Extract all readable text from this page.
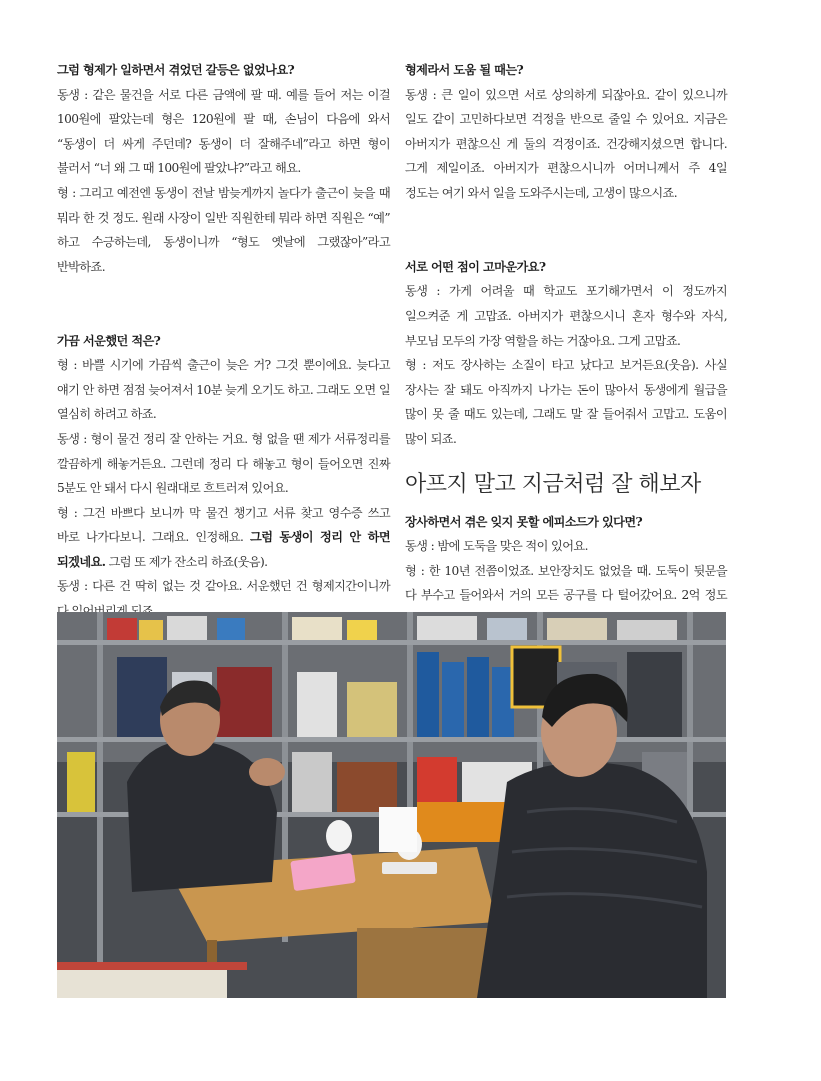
그럼 형제가 일하면서 겪었던 갈등은 없었나요?

동생 : 같은 물건을 서로 다른 금액에 팔 때. 예를 들어 저는 이걸 100원에 팔았는데 형은 120원에 팔 때, 손님이 다음에 와서 “동생이 더 싸게 주던데? 동생이 더 잘해주네”라고 하면 형이 불러서 “너 왜 그 때 100원에 팔았냐?”라고 해요.

형 : 그리고 예전엔 동생이 전날 밤늦게까지 놀다가 출근이 늦을 때 뭐라 한 것 정도. 원래 사장이 일반 직원한테 뭐라 하면 직원은 “예” 하고 수긍하는데, 동생이니까 “형도 옛날에 그랬잖아”라고 반박하죠.

가끔 서운했던 적은?

형 : 바쁠 시기에 가끔씩 출근이 늦은 거? 그것 뿐이에요. 늦다고 얘기 안 하면 점점 늦어져서 10분 늦게 오기도 하고. 그래도 오면 일 열심히 하려고 하죠.

동생 : 형이 물건 정리 잘 안하는 거요. 형 없을 땐 제가 서류정리를 깔끔하게 해놓거든요. 그런데 정리 다 해놓고 형이 들어오면 진짜 5분도 안 돼서 다시 원래대로 흐트러져 있어요.

형 : 그건 바쁘다 보니까 막 물건 챙기고 서류 찾고 영수증 쓰고 바로 나가다보니. 그래요. 인정해요. 그럼 동생이 정리 안 하면 되겠네요. 그럼 또 제가 잔소리 하죠(웃음).

동생 : 다른 건 딱히 없는 것 같아요. 서운했던 건 형제지간이니까

형제라서 도움 될 때는?

동생 : 큰 일이 있으면 서로 상의하게 되잖아요. 같이 있으니까 일도 같이 고민하다보면 걱정을 반으로 줄일 수 있어요. 지금은 아버지가 편찮으신 게 둘의 걱정이죠. 건강해지셨으면 합니다. 그게 제일이죠. 아버지가 편찮으시니까 어머니께서 주 4일 정도는 여기 와서 일을 도와주시는데, 고생이 많으시죠.

서로 어떤 점이 고마운가요?

동생 : 가게 어려울 때 학교도 포기해가면서 이 정도까지 일으켜준 게 고맙죠. 아버지가 편찮으시니 혼자 형수와 자식, 부모님 모두의 가장 역할을 하는 거잖아요. 그게 고맙죠.

형 : 저도 장사하는 소질이 타고 났다고 보거든요(웃음). 사실 장사는 잘 돼도 아직까지 나가는 돈이 많아서 동생에게 월급을 많이 못 줄 때도 있는데, 그래도 말 잘 들어줘서 고맙고. 도움이 많이 되죠.

아프지 말고 지금처럼 잘 해보자

장사하면서 겪은 잊지 못할 에피소드가 있다면?

동생 : 밤에 도둑을 맞은 적이 있어요.

형 : 한 10년 전쯤이었죠. 보안장치도 없었을 때. 도둑이 뒷문을 다 부수고 들어와서 거의 모든 공구를 다 털어갔어요. 2억 정도
